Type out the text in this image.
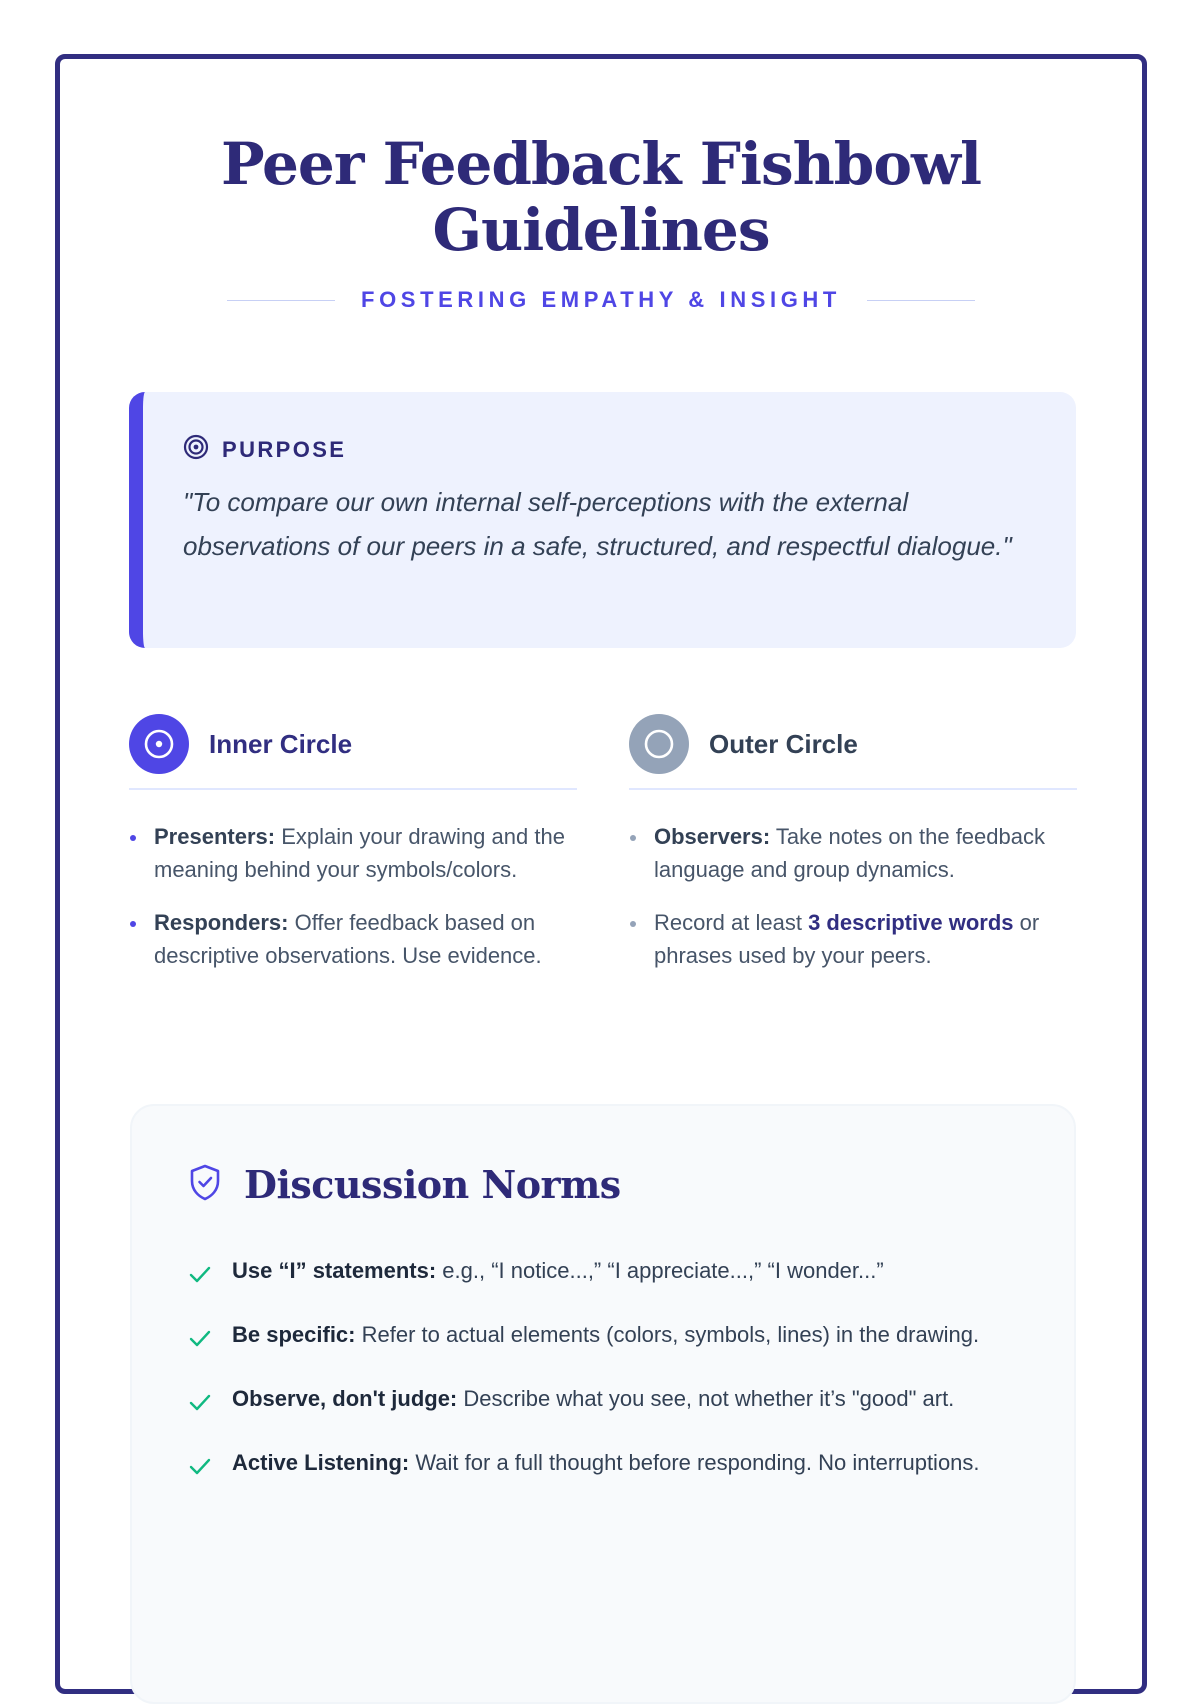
Peer Feedback Fishbowl
Guidelines
FOSTERING EMPATHY & INSIGHT
PURPOSE

"To compare our own internal self-perceptions with the external observations of our peers in a safe, structured, and respectful dialogue."

Inner Circle
Presenters: Explain your drawing and the meaning behind your symbols/colors.
Responders: Offer feedback based on descriptive observations. Use evidence.
Outer Circle
Observers: Take notes on the feedback language and group dynamics.
Record at least 3 descriptive words or phrases used by your peers.
Discussion Norms
Use “I” statements: e.g., “I notice...,” “I appreciate...,” “I wonder...”
Be specific: Refer to actual elements (colors, symbols, lines) in the drawing.
Observe, don't judge: Describe what you see, not whether it’s "good" art.
Active Listening: Wait for a full thought before responding. No interruptions.
